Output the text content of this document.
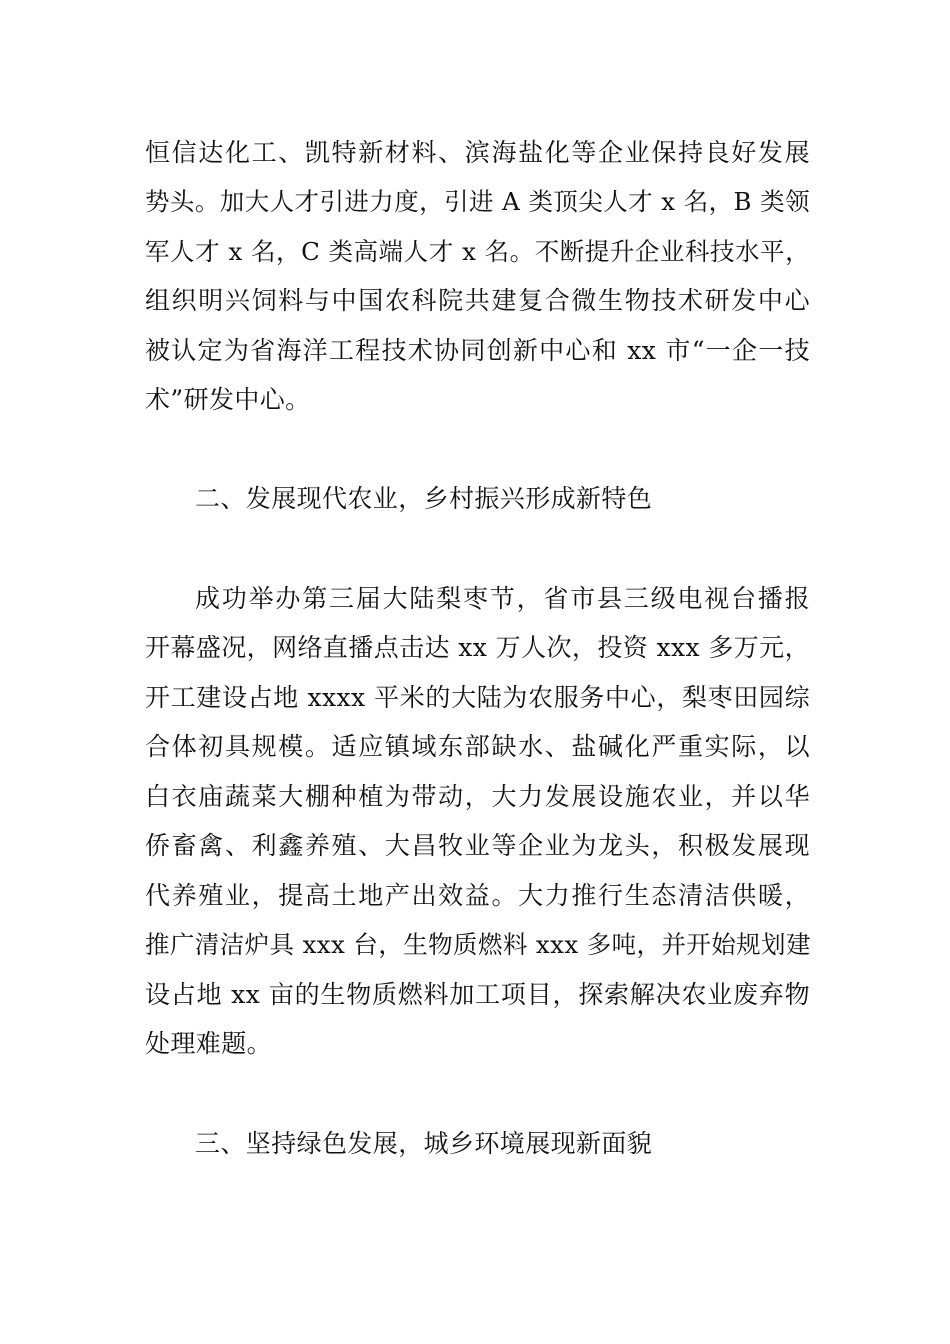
恒信达化工、凯特新材料、滨海盐化等企业保持良好发展
势头。加大人才引进力度，引进 A 类顶尖人才 x 名，B 类领
军人才 x 名，C 类高端人才 x 名。不断提升企业科技水平，
组织明兴饲料与中国农科院共建复合微生物技术研发中心
被认定为省海洋工程技术协同创新中心和 xx 市“一企一技
术”研发中心。
二、发展现代农业，乡村振兴形成新特色
成功举办第三届大陆梨枣节，省市县三级电视台播报
开幕盛况，网络直播点击达 xx 万人次，投资 xxx 多万元，
开工建设占地 xxxx 平米的大陆为农服务中心，梨枣田园综
合体初具规模。适应镇域东部缺水、盐碱化严重实际，以
白衣庙蔬菜大棚种植为带动，大力发展设施农业，并以华
侨畜禽、利鑫养殖、大昌牧业等企业为龙头，积极发展现
代养殖业，提高土地产出效益。大力推行生态清洁供暖，
推广清洁炉具 xxx 台，生物质燃料 xxx 多吨，并开始规划建
设占地 xx 亩的生物质燃料加工项目，探索解决农业废弃物
处理难题。
三、坚持绿色发展，城乡环境展现新面貌
